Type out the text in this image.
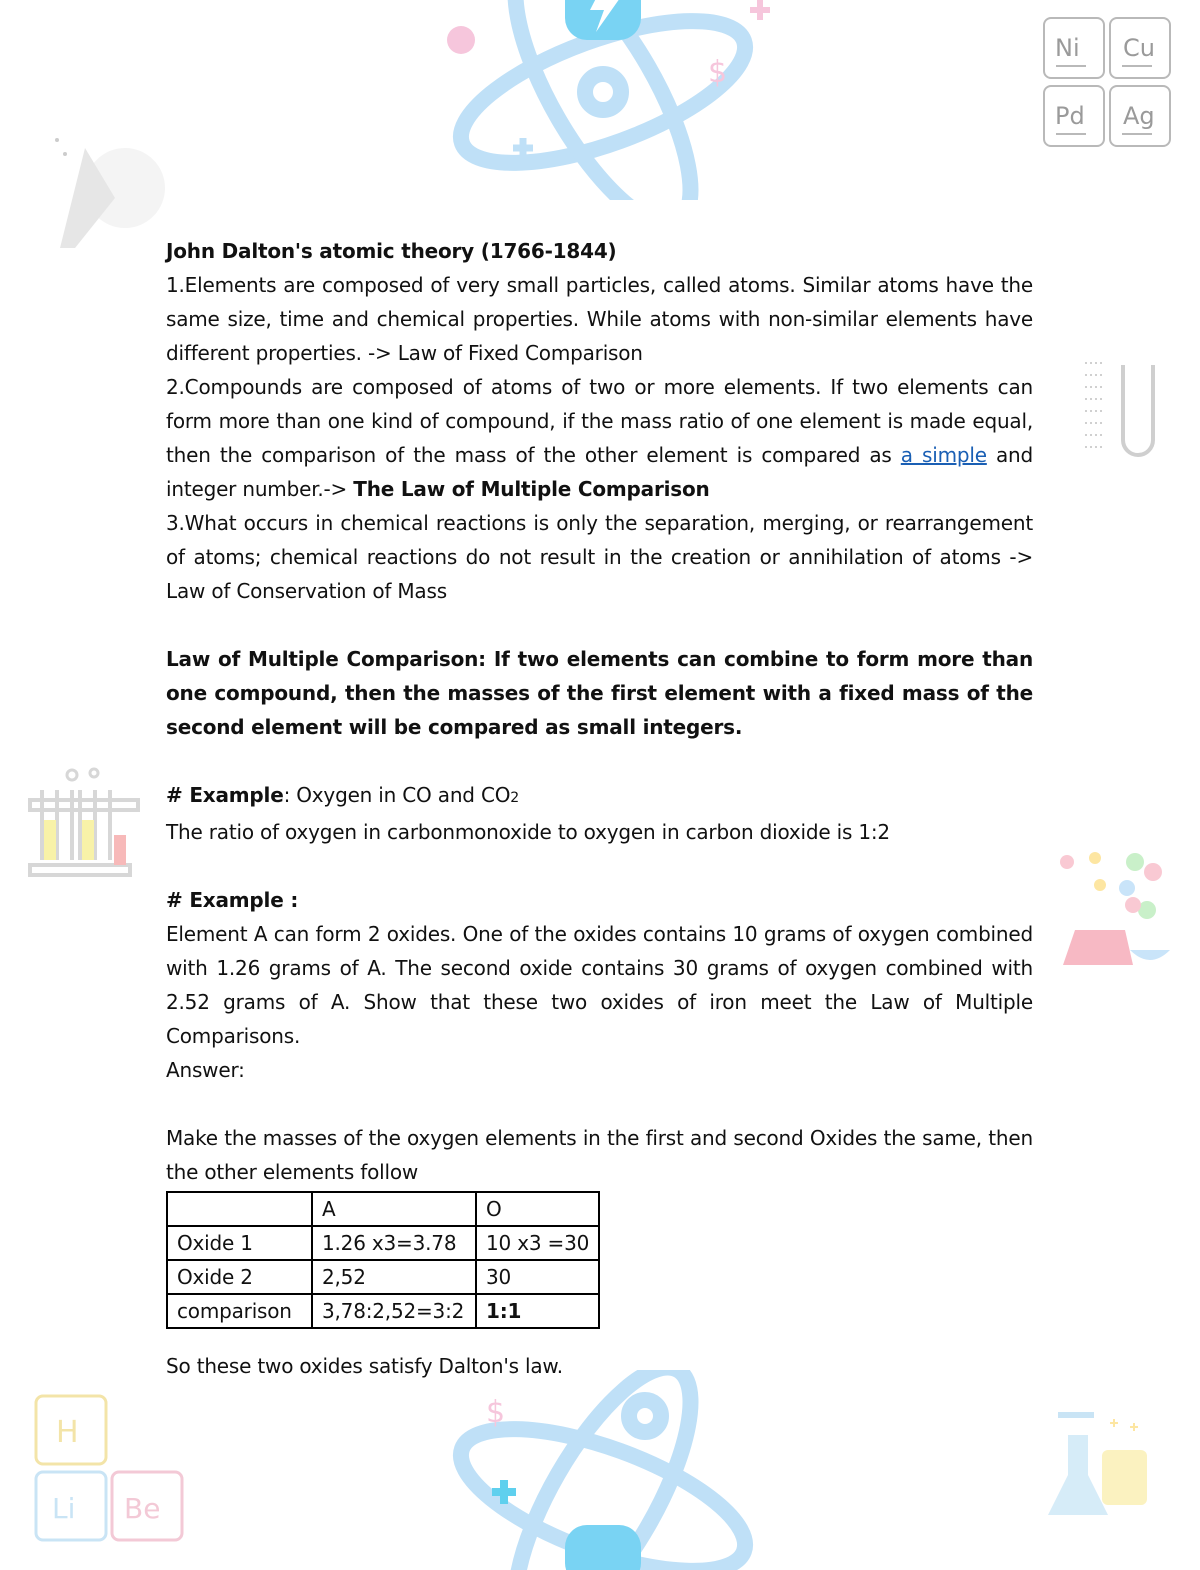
$
Ni Cu
Pd Ag
$
H
Li Be

John Dalton's atomic theory (1766-1844)

1.Elements are composed of very small particles, called atoms. Similar atoms have the same size, time and chemical properties. While atoms with non-similar elements have different properties. -> Law of Fixed Comparison

2.Compounds are composed of atoms of two or more elements. If two elements can form more than one kind of compound, if the mass ratio of one element is made equal, then the comparison of the mass of the other element is compared as a simple and integer number.-> The Law of Multiple Comparison

3.What occurs in chemical reactions is only the separation, merging, or rearrangement of atoms; chemical reactions do not result in the creation or annihilation of atoms -> Law of Conservation of Mass

Law of Multiple Comparison: If two elements can combine to form more than one compound, then the masses of the first element with a fixed mass of the second element will be compared as small integers.

# Example: Oxygen in CO and CO2

The ratio of oxygen in carbonmonoxide to oxygen in carbon dioxide is 1:2

# Example :

Element A can form 2 oxides. One of the oxides contains 10 grams of oxygen combined with 1.26 grams of A. The second oxide contains 30 grams of oxygen combined with 2.52 grams of A. Show that these two oxides of iron meet the Law of Multiple Comparisons.

Answer:

Make the masses of the oxygen elements in the first and second Oxides the same, then the other elements follow

	A	O
Oxide 1	1.26 x3=3.78	10 x3 =30
Oxide 2	2,52	30
comparison	3,78:2,52=3:2	1:1

So these two oxides satisfy Dalton's law.
